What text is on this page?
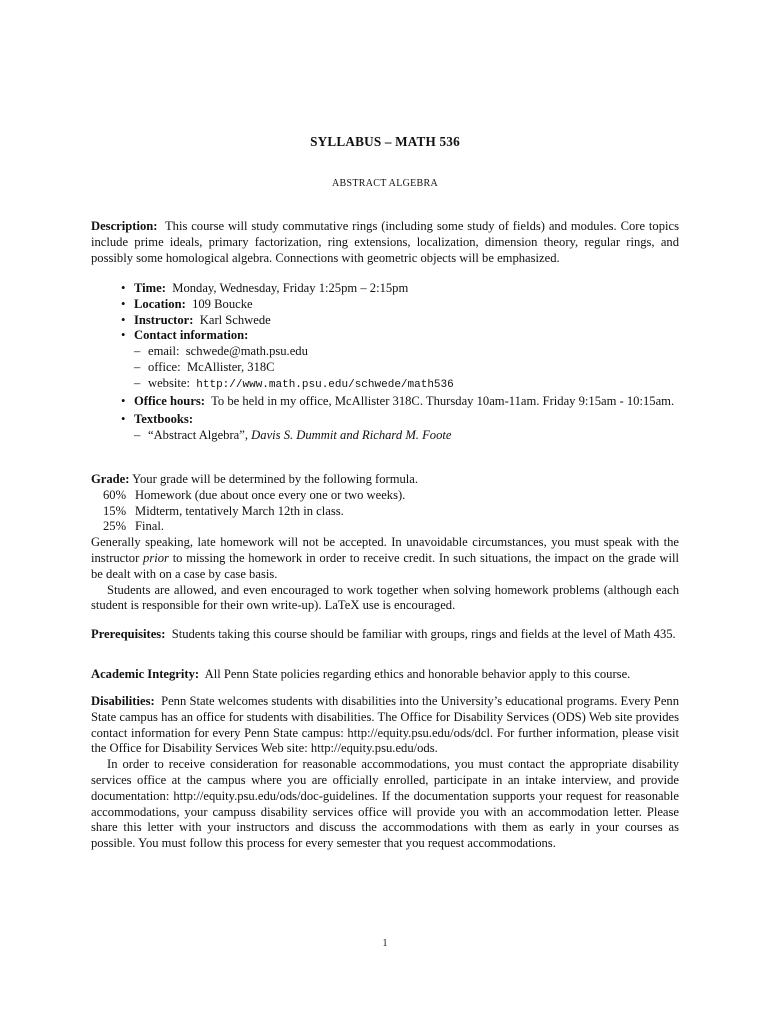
SYLLABUS – MATH 536
ABSTRACT ALGEBRA

Description: This course will study commutative rings (including some study of fields) and modules. Core topics include prime ideals, primary factorization, ring extensions, localization, dimension theory, regular rings, and possibly some homological algebra. Connections with geometric objects will be emphasized.

• Time: Monday, Wednesday, Friday 1:25pm – 2:15pm
• Location: 109 Boucke
• Instructor: Karl Schwede
• Contact information:
– email: schwede@math.psu.edu
– office: McAllister, 318C
– website: http://www.math.psu.edu/schwede/math536
• Office hours: To be held in my office, McAllister 318C. Thursday 10am-11am. Friday 9:15am - 10:15am.
• Textbooks:
– “Abstract Algebra”, Davis S. Dummit and Richard M. Foote

Grade: Your grade will be determined by the following formula.

60% Homework (due about once every one or two weeks).
15% Midterm, tentatively March 12th in class.
25% Final.

Generally speaking, late homework will not be accepted. In unavoidable circumstances, you must speak with the instructor prior to missing the homework in order to receive credit. In such situations, the impact on the grade will be dealt with on a case by case basis.

Students are allowed, and even encouraged to work together when solving homework problems (although each student is responsible for their own write-up). LaTeX use is encouraged.

Prerequisites: Students taking this course should be familiar with groups, rings and fields at the level of Math 435.

Academic Integrity: All Penn State policies regarding ethics and honorable behavior apply to this course.

Disabilities: Penn State welcomes students with disabilities into the University’s educational programs. Every Penn State campus has an office for students with disabilities. The Office for Disability Services (ODS) Web site provides contact information for every Penn State campus: http://equity.psu.edu/ods/dcl. For further information, please visit the Office for Disability Services Web site: http://equity.psu.edu/ods.

In order to receive consideration for reasonable accommodations, you must contact the appropriate disability services office at the campus where you are officially enrolled, participate in an intake interview, and provide documentation: http://equity.psu.edu/ods/doc-guidelines. If the documentation supports your request for reasonable accommodations, your campuss disability services office will provide you with an accommodation letter. Please share this letter with your instructors and discuss the accommodations with them as early in your courses as possible. You must follow this process for every semester that you request accommodations.

1
